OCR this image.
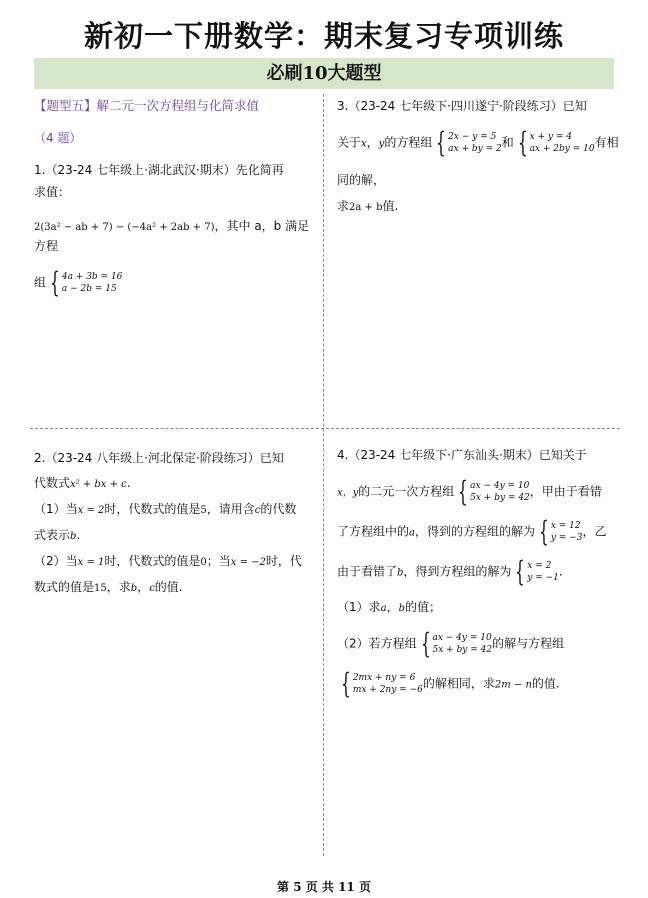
新初一下册数学：期末复习专项训练
必刷10大题型

【题型五】解二元一次方程组与化简求值

（4 题）

1.（23-24 七年级上·湖北武汉·期末）先化简再

求值：

2(3a² − ab + 7) − (−4a² + 2ab + 7)，其中 a，b 满足方程

组 { 4a + 3b = 16
a − 2b = 15

2.（23-24 八年级上·河北保定·阶段练习）已知

代数式x² + bx + c.

（1）当x = 2时，代数式的值是5，请用含c的代数

式表示b.

（2）当x = 1时，代数式的值是0；当x = −2时，代

数式的值是15，求b，c的值.

3.（23-24 七年级下·四川遂宁·阶段练习）已知

关于x，y的方程组 { 2x − y = 5
ax + by = 2 和 { x + y = 4
ax + 2by = 10 有相

同的解，

求2a + b值.

4.（23-24 七年级下·广东汕头·期末）已知关于

x，y的二元一次方程组 { ax − 4y = 10
5x + by = 42 ，甲由于看错

了方程组中的a，得到的方程组的解为 { x = 12
y = −3 ，乙

由于看错了b，得到方程组的解为 { x = 2
y = −1 .

（1）求a，b的值；

（2）若方程组 { ax − 4y = 10
5x + by = 42 的解与方程组

{ 2mx + ny = 6
mx + 2ny = −6 的解相同，求2m − n的值.

第 5 页 共 11 页
